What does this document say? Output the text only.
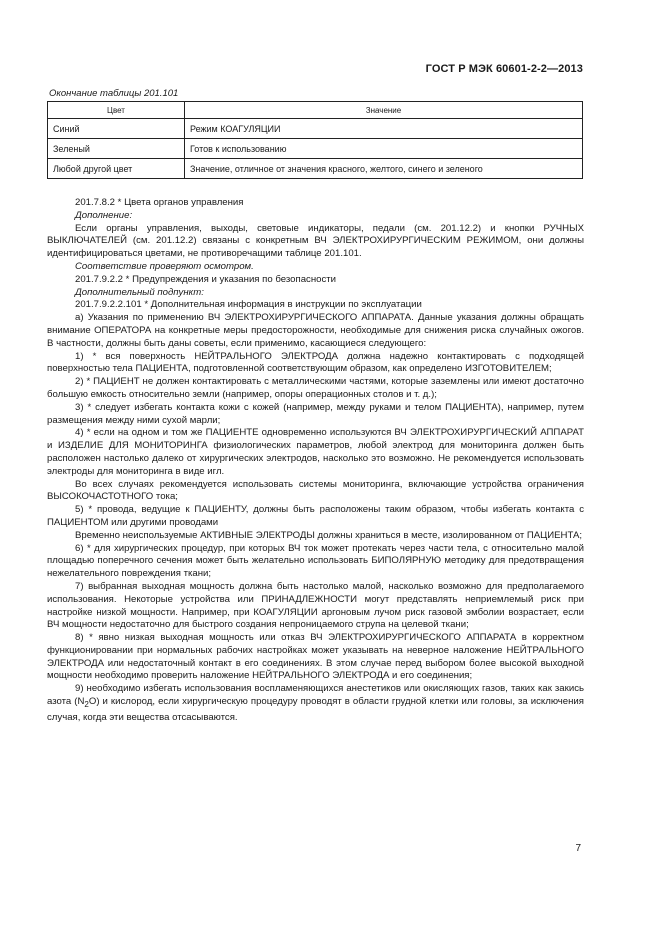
ГОСТ Р МЭК 60601-2-2—2013
Окончание таблицы 201.101
Цвет	Значение
Синий	Режим КОАГУЛЯЦИИ
Зеленый	Готов к использованию
Любой другой цвет	Значение, отличное от значения красного, желтого, синего и зеленого

201.7.8.2 * Цвета органов управления

Дополнение:

Если органы управления, выходы, световые индикаторы, педали (см. 201.12.2) и кнопки РУЧНЫХ ВЫКЛЮЧАТЕЛЕЙ (см. 201.12.2) связаны с конкретным ВЧ ЭЛЕКТРОХИРУРГИЧЕСКИМ РЕЖИМОМ, они должны идентифицироваться цветами, не противоречащими таблице 201.101.

Соответствие проверяют осмотром.

201.7.9.2.2 * Предупреждения и указания по безопасности

Дополнительный подпункт:

201.7.9.2.2.101 * Дополнительная информация в инструкции по эксплуатации

а) Указания по применению ВЧ ЭЛЕКТРОХИРУРГИЧЕСКОГО АППАРАТА. Данные указания должны обращать внимание ОПЕРАТОРА на конкретные меры предосторожности, необходимые для снижения риска случайных ожогов. В частности, должны быть даны советы, если применимо, касающиеся следующего:

1) * вся поверхность НЕЙТРАЛЬНОГО ЭЛЕКТРОДА должна надежно контактировать с подходящей поверхностью тела ПАЦИЕНТА, подготовленной соответствующим образом, как определено ИЗГОТОВИТЕЛЕМ;

2) * ПАЦИЕНТ не должен контактировать с металлическими частями, которые заземлены или имеют достаточно большую емкость относительно земли (например, опоры операционных столов и т. д.);

3) * следует избегать контакта кожи с кожей (например, между руками и телом ПАЦИЕНТА), например, путем размещения между ними сухой марли;

4) * если на одном и том же ПАЦИЕНТЕ одновременно используются ВЧ ЭЛЕКТРОХИРУРГИЧЕСКИЙ АППАРАТ и ИЗДЕЛИЕ ДЛЯ МОНИТОРИНГА физиологических параметров, любой электрод для мониторинга должен быть расположен настолько далеко от хирургических электродов, насколько это возможно. Не рекомендуется использовать электроды для мониторинга в виде игл.

Во всех случаях рекомендуется использовать системы мониторинга, включающие устройства ограничения ВЫСОКОЧАСТОТНОГО тока;

5) * провода, ведущие к ПАЦИЕНТУ, должны быть расположены таким образом, чтобы избегать контакта с ПАЦИЕНТОМ или другими проводами

Временно неиспользуемые АКТИВНЫЕ ЭЛЕКТРОДЫ должны храниться в месте, изолированном от ПАЦИЕНТА;

6) * для хирургических процедур, при которых ВЧ ток может протекать через части тела, с относительно малой площадью поперечного сечения может быть желательно использовать БИПОЛЯРНУЮ методику для предотвращения нежелательного повреждения ткани;

7) выбранная выходная мощность должна быть настолько малой, насколько возможно для предполагаемого использования. Некоторые устройства или ПРИНАДЛЕЖНОСТИ могут представлять неприемлемый риск при настройке низкой мощности. Например, при КОАГУЛЯЦИИ аргоновым лучом риск газовой эмболии возрастает, если ВЧ мощности недостаточно для быстрого создания непроницаемого струпа на целевой ткани;

8) * явно низкая выходная мощность или отказ ВЧ ЭЛЕКТРОХИРУРГИЧЕСКОГО АППАРАТА в корректном функционировании при нормальных рабочих настройках может указывать на неверное наложение НЕЙТРАЛЬНОГО ЭЛЕКТРОДА или недостаточный контакт в его соединениях. В этом случае перед выбором более высокой выходной мощности необходимо проверить наложение НЕЙТРАЛЬНОГО ЭЛЕКТРОДА и его соединения;

9) необходимо избегать использования воспламеняющихся анестетиков или окисляющих газов, таких как закись азота $(N_2O)$ и кислород, если хирургическую процедуру проводят в области грудной клетки или головы, за исключения случая, когда эти вещества отсасываются.

7
